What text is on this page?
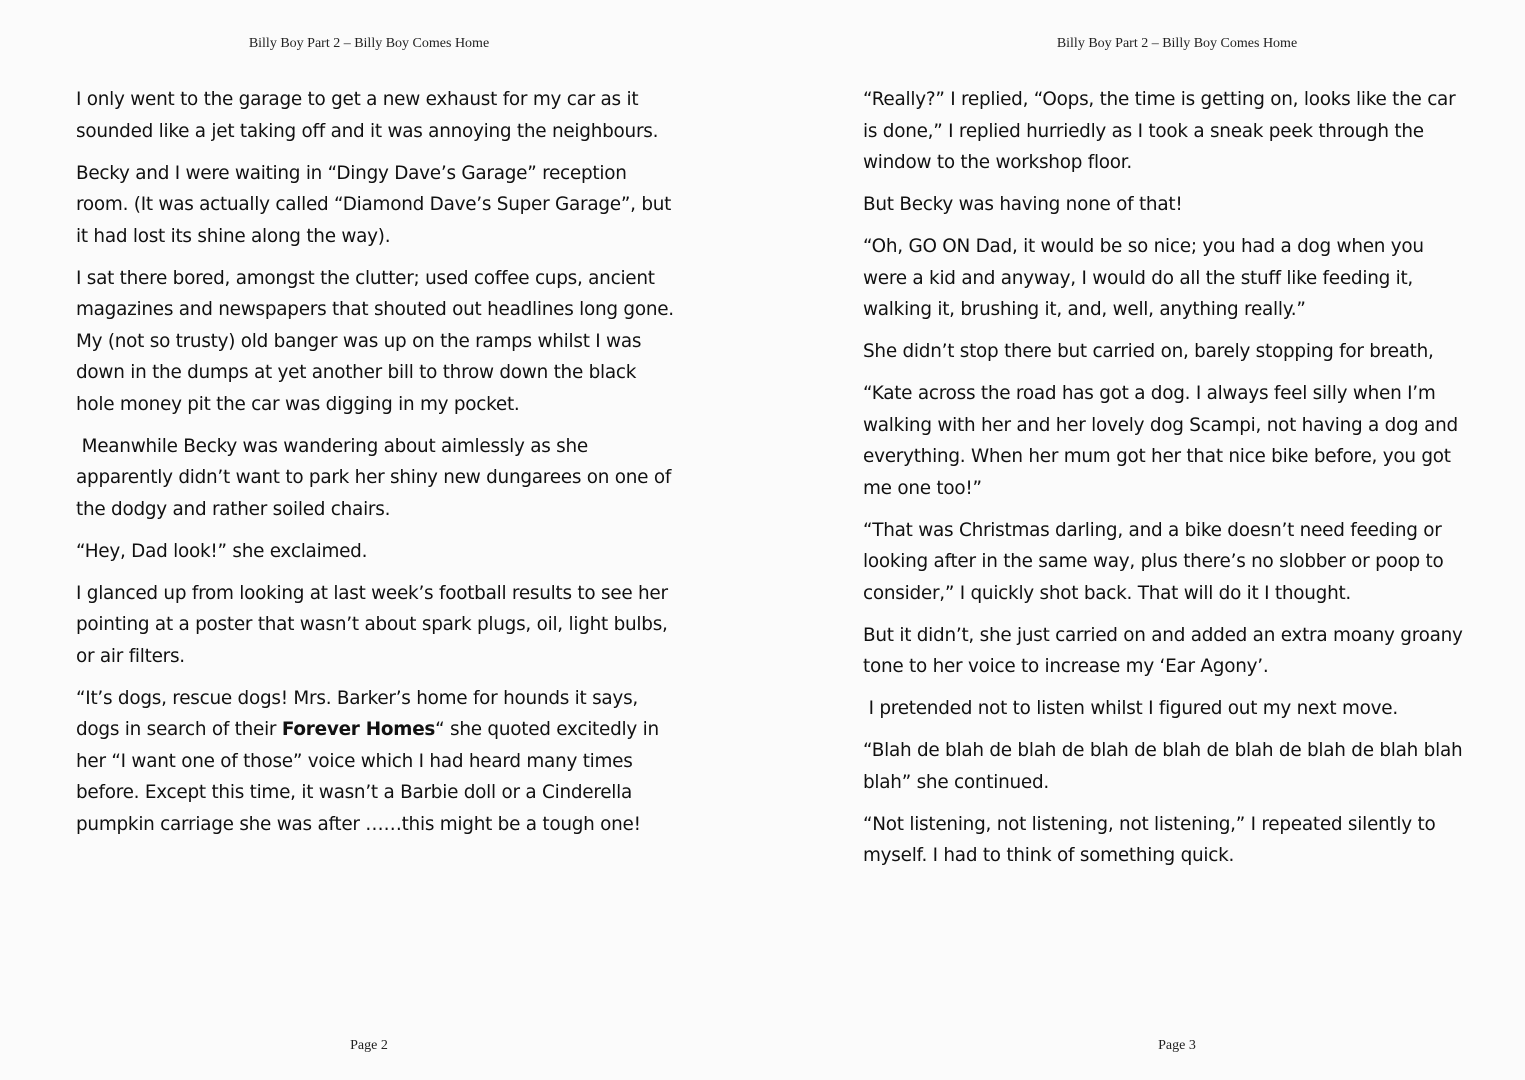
Billy Boy Part 2 – Billy Boy Comes Home

I only went to the garage to get a new exhaust for my car as it sounded like a jet taking off and it was annoying the neighbours.

Becky and I were waiting in “Dingy Dave’s Garage” reception room. (It was actually called “Diamond Dave’s Super Garage”, but it had lost its shine along the way).

I sat there bored, amongst the clutter; used coffee cups, ancient magazines and newspapers that shouted out headlines long gone. My (not so trusty) old banger was up on the ramps whilst I was down in the dumps at yet another bill to throw down the black hole money pit the car was digging in my pocket.

Meanwhile Becky was wandering about aimlessly as she apparently didn’t want to park her shiny new dungarees on one of the dodgy and rather soiled chairs.

“Hey, Dad look!” she exclaimed.

I glanced up from looking at last week’s football results to see her pointing at a poster that wasn’t about spark plugs, oil, light bulbs, or air filters.

“It’s dogs, rescue dogs! Mrs. Barker’s home for hounds it says, dogs in search of their Forever Homes“ she quoted excitedly in her “I want one of those” voice which I had heard many times before. Except this time, it wasn’t a Barbie doll or a Cinderella pumpkin carriage she was after ……this might be a tough one!

Page 2
Billy Boy Part 2 – Billy Boy Comes Home

“Really?” I replied, “Oops, the time is getting on, looks like the car is done,” I replied hurriedly as I took a sneak peek through the window to the workshop floor.

But Becky was having none of that!

“Oh, GO ON Dad, it would be so nice; you had a dog when you were a kid and anyway, I would do all the stuff like feeding it, walking it, brushing it, and, well, anything really.”

She didn’t stop there but carried on, barely stopping for breath,

“Kate across the road has got a dog. I always feel silly when I’m walking with her and her lovely dog Scampi, not having a dog and everything. When her mum got her that nice bike before, you got me one too!”

“That was Christmas darling, and a bike doesn’t need feeding or looking after in the same way, plus there’s no slobber or poop to consider,” I quickly shot back. That will do it I thought.

But it didn’t, she just carried on and added an extra moany groany tone to her voice to increase my ‘Ear Agony’.

I pretended not to listen whilst I figured out my next move.

“Blah de blah de blah de blah de blah de blah de blah de blah blah blah” she continued.

“Not listening, not listening, not listening,” I repeated silently to myself. I had to think of something quick.

Page 3
